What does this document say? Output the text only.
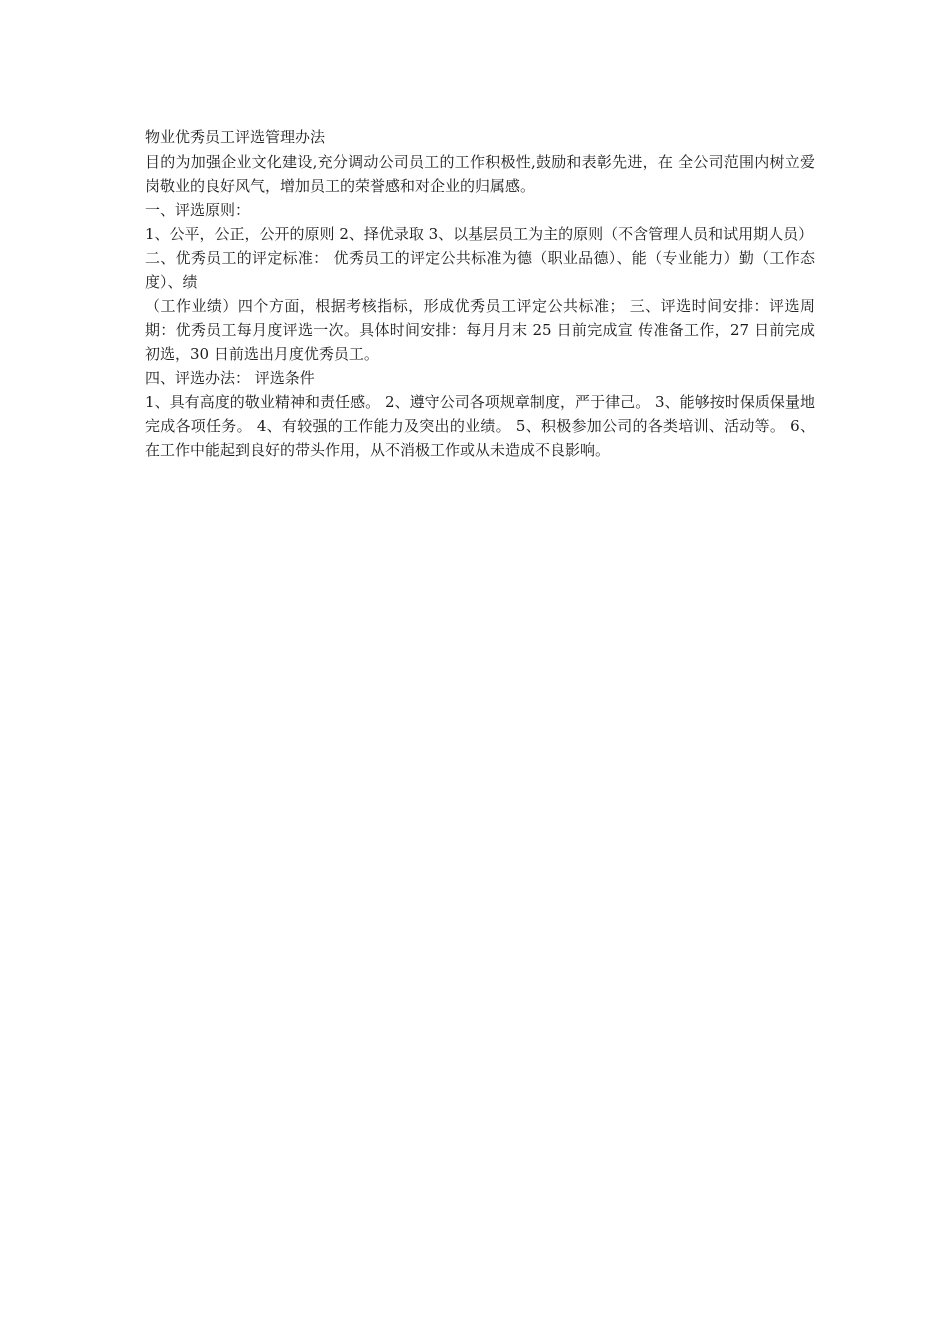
物业优秀员工评选管理办法

目的为加强企业文化建设,充分调动公司员工的工作积极性,鼓励和表彰先进，在 全公司范围内树立爱岗敬业的良好风气，增加员工的荣誉感和对企业的归属感。

一、评选原则：

1、公平，公正，公开的原则 2、择优录取 3、以基层员工为主的原则（不含管理人员和试用期人员）

二、优秀员工的评定标准： 优秀员工的评定公共标准为德（职业品德）、能（专业能力）勤（工作态度）、绩

（工作业绩）四个方面，根据考核指标，形成优秀员工评定公共标准； 三、评选时间安排：评选周期：优秀员工每月度评选一次。具体时间安排：每月月末 25 日前完成宣 传准备工作，27 日前完成初选，30 日前选出月度优秀员工。

四、评选办法： 评选条件

1、具有高度的敬业精神和责任感。 2、遵守公司各项规章制度，严于律己。 3、能够按时保质保量地完成各项任务。 4、有较强的工作能力及突出的业绩。 5、积极参加公司的各类培训、活动等。 6、在工作中能起到良好的带头作用，从不消极工作或从未造成不良影响。
